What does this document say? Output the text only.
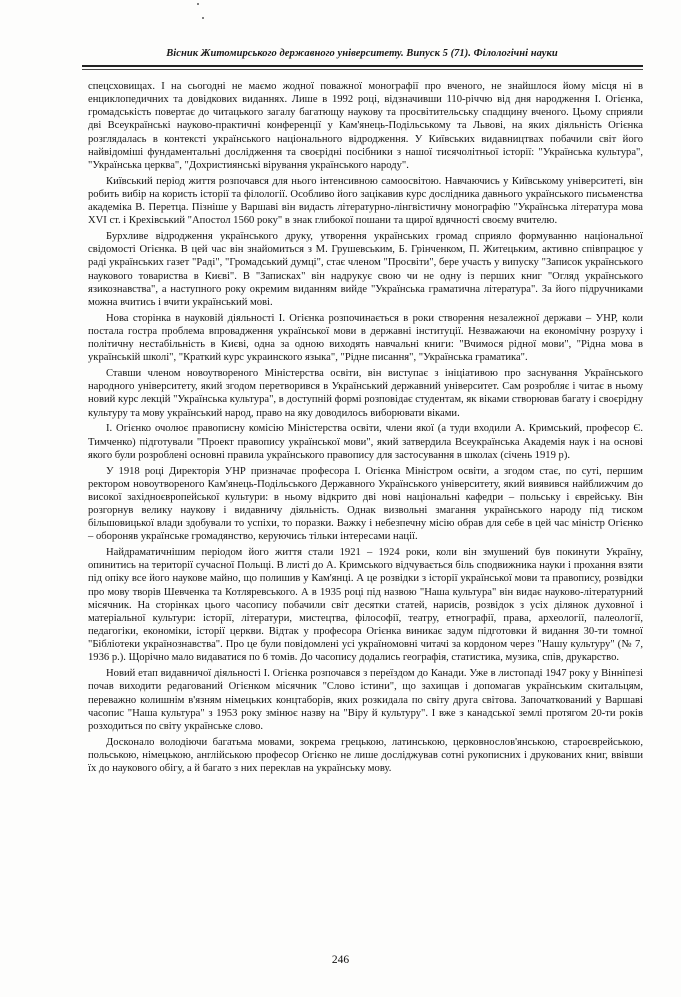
Вісник Житомирського державного університету. Випуск 5 (71). Філологічні науки

спецсховищах. І на сьогодні не маємо жодної поважної монографії про вченого, не знайшлося йому місця ні в енциклопедичних та довідкових виданнях. Лише в 1992 році, відзначивши 110-річчю від дня народження І. Огієнка, громадськість повертає до читацького загалу багатющу наукову та просвітительську спадщину вченого. Цьому сприяли дві Всеукраїнські науково-практичні конференції у Кам'янець-Подільському та Львові, на яких діяльність Огієнка розглядалась в контексті українського національного відродження. У Київських видавництвах побачили світ його найвідоміші фундаментальні дослідження та своєрідні посібники з нашої тисячолітньої історії: "Українська культура", "Українська церква", "Дохристиянські вірування українського народу".

Київський період життя розпочався для нього інтенсивною самоосвітою. Навчаючись у Київському університеті, він робить вибір на користь історії та філології. Особливо його зацікавив курс дослідника давнього українського письменства академіка В. Перетца. Пізніше у Варшаві він видасть літературно-лінгвістичну монографію "Українська література мова XVI ст. і Крехівський "Апостол 1560 року" в знак глибокої пошани та щирої вдячності своєму вчителю.

Бурхливе відродження українського друку, утворення українських громад сприяло формуванню національної свідомості Огієнка. В цей час він знайомиться з М. Грушевським, Б. Грінченком, П. Житецьким, активно співпрацює у раді українських газет "Раді", "Громадський думці", стає членом "Просвіти", бере участь у випуску "Записок українського наукового товариства в Києві". В "Записках" він надрукує свою чи не одну із перших книг "Огляд українського язикознавства", а наступного року окремим виданням вийде "Українська граматична література". За його підручниками можна вчитись і вчити український мові.

Нова сторінка в науковій діяльності І. Огієнка розпочинається в роки створення незалежної держави – УНР, коли постала гостра проблема впровадження української мови в державні інституції. Незважаючи на економічну розруху і політичну нестабільність в Києві, одна за одною виходять навчальні книги: "Вчимося рідної мови", "Рідна мова в українській школі", "Краткий курс украинского языка", "Рідне писання", "Українська граматика".

Ставши членом новоутвореного Міністерства освіти, він виступає з ініціативою про заснування Українського народного університету, який згодом перетворився в Український державний університет. Сам розробляє і читає в ньому новий курс лекцій "Українська культура", в доступній формі розповідає студентам, як віками створював багату і своєрідну культуру та мову український народ, право на яку доводилось виборювати віками.

І. Огієнко очолює правописну комісію Міністерства освіти, члени якої (а туди входили А. Кримський, професор Є. Тимченко) підготували "Проект правопису української мови", який затвердила Всеукраїнська Академія наук і на основі якого були розроблені основні правила українського правопису для застосування в школах (січень 1919 р).

У 1918 році Директорія УНР призначає професора І. Огієнка Міністром освіти, а згодом стає, по суті, першим ректором новоутвореного Кам'янець-Подільського Державного Українського університету, який виявився найближчим до високої західноєвропейської культури: в ньому відкрито дві нові національні кафедри – польську і єврейську. Він розгорнув велику наукову і видавничу діяльність. Однак визвольні змагання українського народу під тиском більшовицької влади здобували то успіхи, то поразки. Важку і небезпечну місію обрав для себе в цей час міністр Огієнко – обороняв українське громадянство, керуючись тільки інтересами нації.

Найдраматичнішим періодом його життя стали 1921 – 1924 роки, коли він змушений був покинути Україну, опинитись на території сучасної Польщі. В листі до А. Кримського відчувається біль сподвижника науки і прохання взяти під опіку все його наукове майно, що полишив у Кам'янці. А це розвідки з історії української мови та правопису, розвідки про мову творів Шевченка та Котляревського. А в 1935 році під назвою "Наша культура" він видає науково-літературний місячник. На сторінках цього часопису побачили світ десятки статей, нарисів, розвідок з усіх ділянок духовної і матеріальної культури: історії, літератури, мистецтва, філософії, театру, етнографії, права, археології, палеології, педагогіки, економіки, історії церкви. Відтак у професора Огієнка виникає задум підготовки й видання 30-ти томної "Бібліотеки українознавства". Про це були повідомлені усі україномовні читачі за кордоном через "Нашу культуру" (№ 7, 1936 р.). Щорічно мало видаватися по 6 томів. До часопису додались географія, статистика, музика, спів, друкарство.

Новий етап видавничої діяльності І. Огієнка розпочався з переїздом до Канади. Уже в листопаді 1947 року у Вінніпезі почав виходити редагований Огієнком місячник "Слово істини", що захищав і допомагав українським скитальцям, переважно колишнім в'язням німецьких концтаборів, яких розкидала по світу друга світова. Започаткований у Варшаві часопис "Наша культура" з 1953 року змінює назву на "Віру й культуру". І вже з канадської землі протягом 20-ти років розходиться по світу українське слово.

Досконало володіючи багатьма мовами, зокрема грецькою, латинською, церковнослов'янською, староєврейською, польською, німецькою, англійською професор Огієнко не лише досліджував сотні рукописних і друкованих книг, ввівши їх до наукового обігу, а й багато з них переклав на українську мову.

246
